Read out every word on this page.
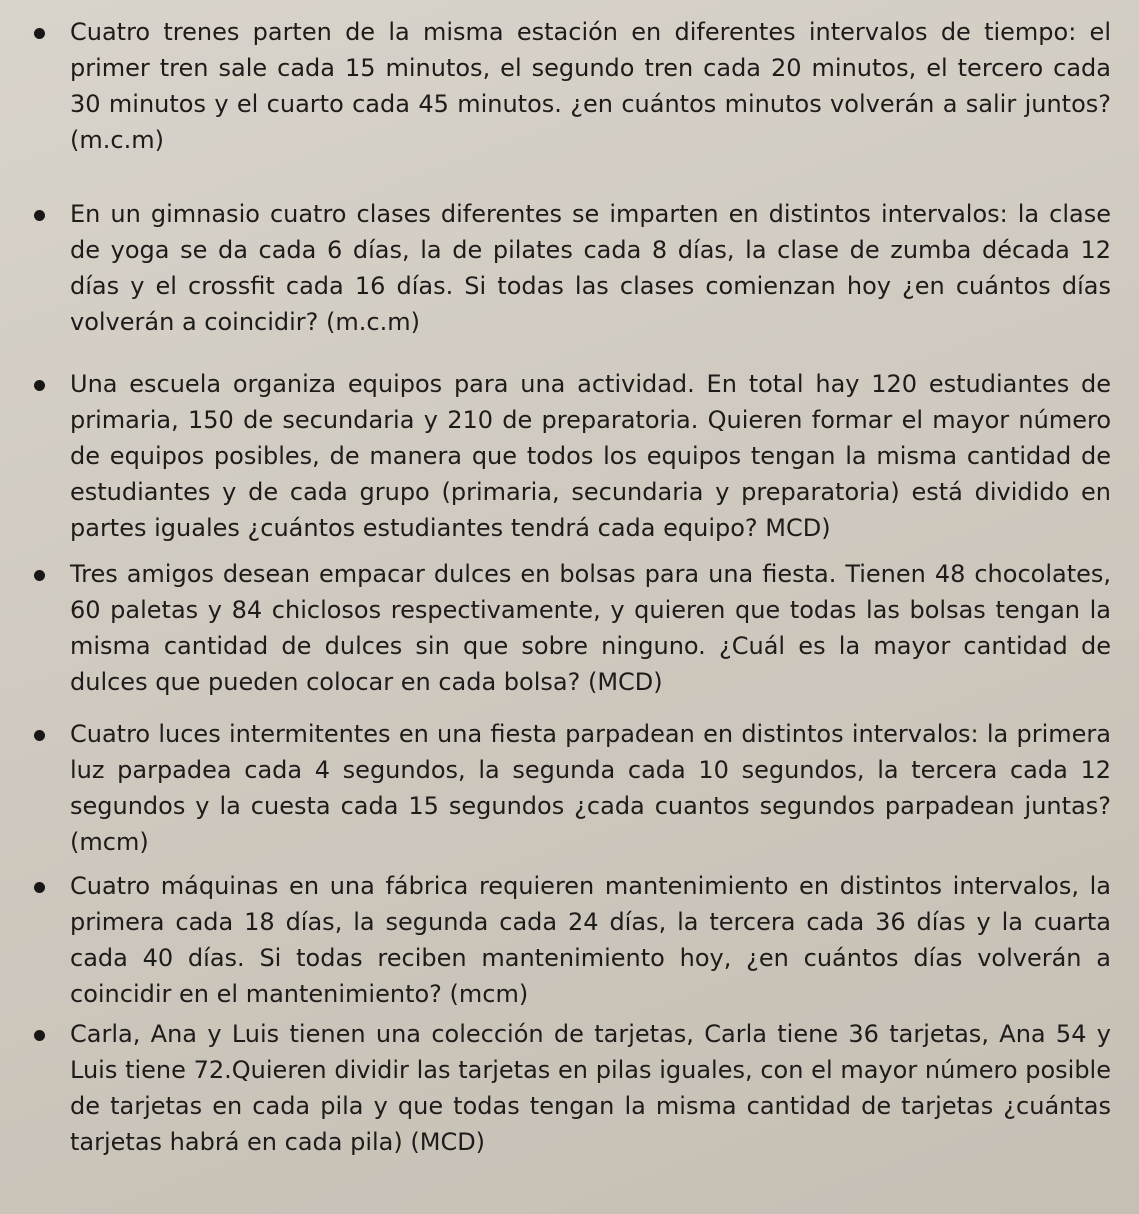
Cuatro trenes parten de la misma estación en diferentes intervalos de tiempo: el primer tren sale cada 15 minutos, el segundo tren cada 20 minutos, el tercero cada 30 minutos y el cuarto cada 45 minutos. ¿en cuántos minutos volverán a salir juntos? (m.c.m)
En un gimnasio cuatro clases diferentes se imparten en distintos intervalos: la clase de yoga se da cada 6 días, la de pilates cada 8 días, la clase de zumba década 12 días y el crossfit cada 16 días. Si todas las clases comienzan hoy ¿en cuántos días volverán a coincidir? (m.c.m)
Una escuela organiza equipos para una actividad. En total hay 120 estudiantes de primaria, 150 de secundaria y 210 de preparatoria. Quieren formar el mayor número de equipos posibles, de manera que todos los equipos tengan la misma cantidad de estudiantes y de cada grupo (primaria, secundaria y preparatoria) está dividido en partes iguales ¿cuántos estudiantes tendrá cada equipo? MCD)
Tres amigos desean empacar dulces en bolsas para una fiesta. Tienen 48 chocolates, 60 paletas y 84 chiclosos respectivamente, y quieren que todas las bolsas tengan la misma cantidad de dulces sin que sobre ninguno. ¿Cuál es la mayor cantidad de dulces que pueden colocar en cada bolsa? (MCD)
Cuatro luces intermitentes en una fiesta parpadean en distintos intervalos: la primera luz parpadea cada 4 segundos, la segunda cada 10 segundos, la tercera cada 12 segundos y la cuesta cada 15 segundos ¿cada cuantos segundos parpadean juntas? (mcm)
Cuatro máquinas en una fábrica requieren mantenimiento en distintos intervalos, la primera cada 18 días, la segunda cada 24 días, la tercera cada 36 días y la cuarta cada 40 días. Si todas reciben mantenimiento hoy, ¿en cuántos días volverán a coincidir en el mantenimiento? (mcm)
Carla, Ana y Luis tienen una colección de tarjetas, Carla tiene 36 tarjetas, Ana 54 y Luis tiene 72.Quieren dividir las tarjetas en pilas iguales, con el mayor número posible de tarjetas en cada pila y que todas tengan la misma cantidad de tarjetas ¿cuántas tarjetas habrá en cada pila) (MCD)
